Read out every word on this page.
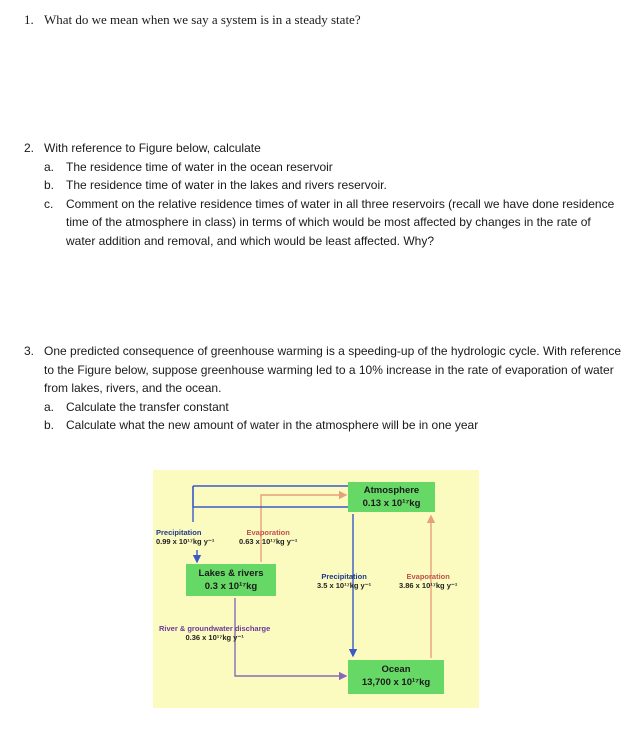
1. What do we mean when we say a system is in a steady state?
2. With reference to Figure below, calculate
a. The residence time of water in the ocean reservoir
b. The residence time of water in the lakes and rivers reservoir.
c. Comment on the relative residence times of water in all three reservoirs (recall we have done residence time of the atmosphere in class) in terms of which would be most affected by changes in the rate of water addition and removal, and which would be least affected. Why?
3. One predicted consequence of greenhouse warming is a speeding-up of the hydrologic cycle. With reference to the Figure below, suppose greenhouse warming led to a 10% increase in the rate of evaporation of water from lakes, rivers, and the ocean.
a. Calculate the transfer constant
b. Calculate what the new amount of water in the atmosphere will be in one year
Atmosphere
0.13 x 10¹⁷kg
Lakes & rivers
0.3 x 10¹⁷kg
Ocean
13,700 x 10¹⁷kg
Precipitation
0.99 x 10¹⁷kg y⁻¹
Evaporation
0.63 x 10¹⁷kg y⁻¹
Precipitation
3.5 x 10¹⁷kg y⁻¹
Evaporation
3.86 x 10¹⁷kg y⁻¹
River & groundwater discharge
0.36 x 10¹⁷kg y⁻¹
